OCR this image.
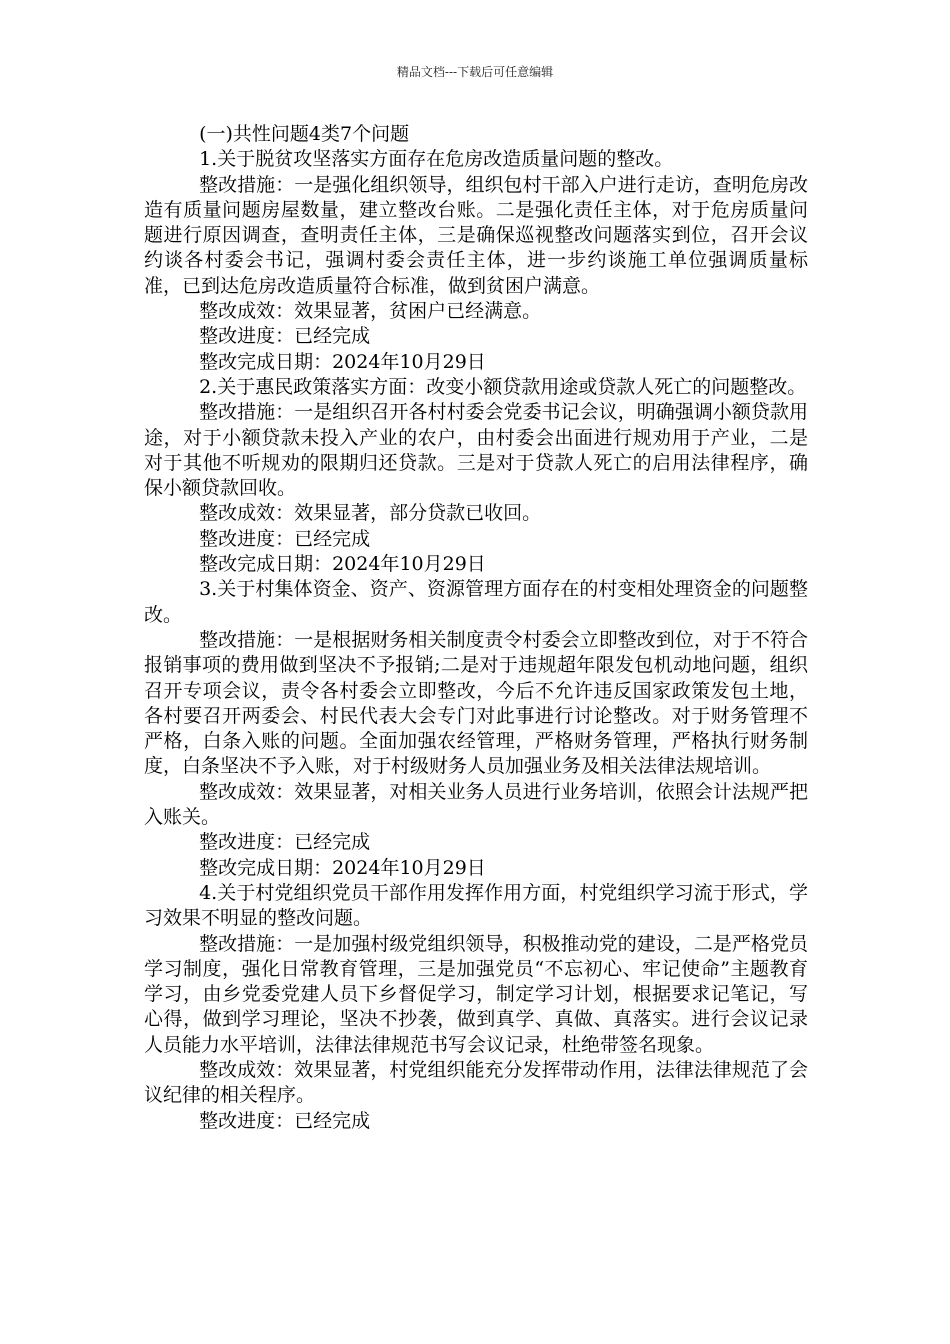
精品文档---下载后可任意编辑

(一)共性问题4类7个问题

1.关于脱贫攻坚落实方面存在危房改造质量问题的整改。

整改措施：一是强化组织领导，组织包村干部入户进行走访，查明危房改造有质量问题房屋数量，建立整改台账。二是强化责任主体，对于危房质量问题进行原因调查，查明责任主体，三是确保巡视整改问题落实到位，召开会议约谈各村委会书记，强调村委会责任主体，进一步约谈施工单位强调质量标准，已到达危房改造质量符合标准，做到贫困户满意。

整改成效：效果显著，贫困户已经满意。

整改进度：已经完成

整改完成日期：2024年10月29日

2.关于惠民政策落实方面：改变小额贷款用途或贷款人死亡的问题整改。

整改措施：一是组织召开各村村委会党委书记会议，明确强调小额贷款用途，对于小额贷款未投入产业的农户，由村委会出面进行规劝用于产业，二是对于其他不听规劝的限期归还贷款。三是对于贷款人死亡的启用法律程序，确保小额贷款回收。

整改成效：效果显著，部分贷款已收回。

整改进度：已经完成

整改完成日期：2024年10月29日

3.关于村集体资金、资产、资源管理方面存在的村变相处理资金的问题整改。

整改措施：一是根据财务相关制度责令村委会立即整改到位，对于不符合报销事项的费用做到坚决不予报销;二是对于违规超年限发包机动地问题，组织召开专项会议，责令各村委会立即整改，今后不允许违反国家政策发包土地，各村要召开两委会、村民代表大会专门对此事进行讨论整改。对于财务管理不严格，白条入账的问题。全面加强农经管理，严格财务管理，严格执行财务制度，白条坚决不予入账，对于村级财务人员加强业务及相关法律法规培训。

整改成效：效果显著，对相关业务人员进行业务培训，依照会计法规严把入账关。

整改进度：已经完成

整改完成日期：2024年10月29日

4.关于村党组织党员干部作用发挥作用方面，村党组织学习流于形式，学习效果不明显的整改问题。

整改措施：一是加强村级党组织领导，积极推动党的建设，二是严格党员学习制度，强化日常教育管理，三是加强党员“不忘初心、牢记使命”主题教育学习，由乡党委党建人员下乡督促学习，制定学习计划，根据要求记笔记，写心得，做到学习理论，坚决不抄袭，做到真学、真做、真落实。进行会议记录人员能力水平培训，法律法律规范书写会议记录，杜绝带签名现象。

整改成效：效果显著，村党组织能充分发挥带动作用，法律法律规范了会议纪律的相关程序。

整改进度：已经完成
